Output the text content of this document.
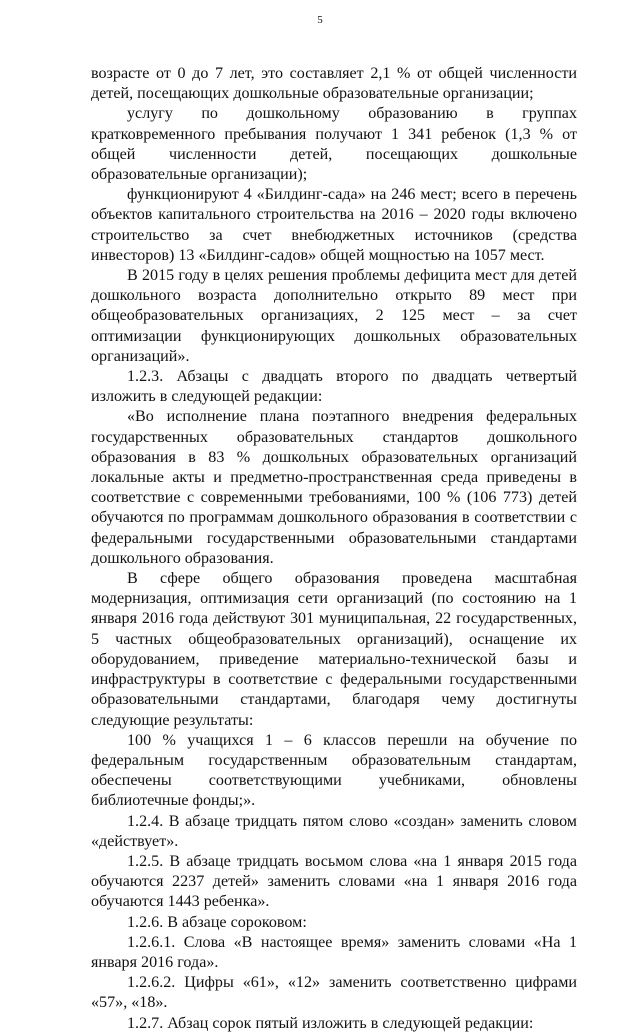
5

возрасте от 0 до 7 лет, это составляет 2,1 % от общей численности детей, посещающих дошкольные образовательные организации;

услугу по дошкольному образованию в группах кратковременного пребывания получают 1 341 ребенок (1,3 % от общей численности детей, посещающих дошкольные образовательные организации);

функционируют 4 «Билдинг-сада» на 246 мест; всего в перечень объектов капитального строительства на 2016 – 2020 годы включено строительство за счет внебюджетных источников (средства инвесторов) 13 «Билдинг-садов» общей мощностью на 1057 мест.

В 2015 году в целях решения проблемы дефицита мест для детей дошкольного возраста дополнительно открыто 89 мест при общеобразовательных организациях, 2 125 мест – за счет оптимизации функционирующих дошкольных образовательных организаций».

1.2.3. Абзацы с двадцать второго по двадцать четвертый изложить в следующей редакции:

«Во исполнение плана поэтапного внедрения федеральных государственных образовательных стандартов дошкольного образования в 83 % дошкольных образовательных организаций локальные акты и предметно-пространственная среда приведены в соответствие с современными требованиями, 100 % (106 773) детей обучаются по программам дошкольного образования в соответствии с федеральными государственными образовательными стандартами дошкольного образования.

В сфере общего образования проведена масштабная модернизация, оптимизация сети организаций (по состоянию на 1 января 2016 года действуют 301 муниципальная, 22 государственных, 5 частных общеобразовательных организаций), оснащение их оборудованием, приведение материально-технической базы и инфраструктуры в соответствие с федеральными государственными образовательными стандартами, благодаря чему достигнуты следующие результаты:

100 % учащихся 1 – 6 классов перешли на обучение по федеральным государственным образовательным стандартам, обеспечены соответствующими учебниками, обновлены библиотечные фонды;».

1.2.4. В абзаце тридцать пятом слово «создан» заменить словом «действует».

1.2.5. В абзаце тридцать восьмом слова «на 1 января 2015 года обучаются 2237 детей» заменить словами «на 1 января 2016 года обучаются 1443 ребенка».

1.2.6. В абзаце сороковом:

1.2.6.1. Слова «В настоящее время» заменить словами «На 1 января 2016 года».

1.2.6.2. Цифры «61», «12» заменить соответственно цифрами «57», «18».

1.2.7. Абзац сорок пятый изложить в следующей редакции:
